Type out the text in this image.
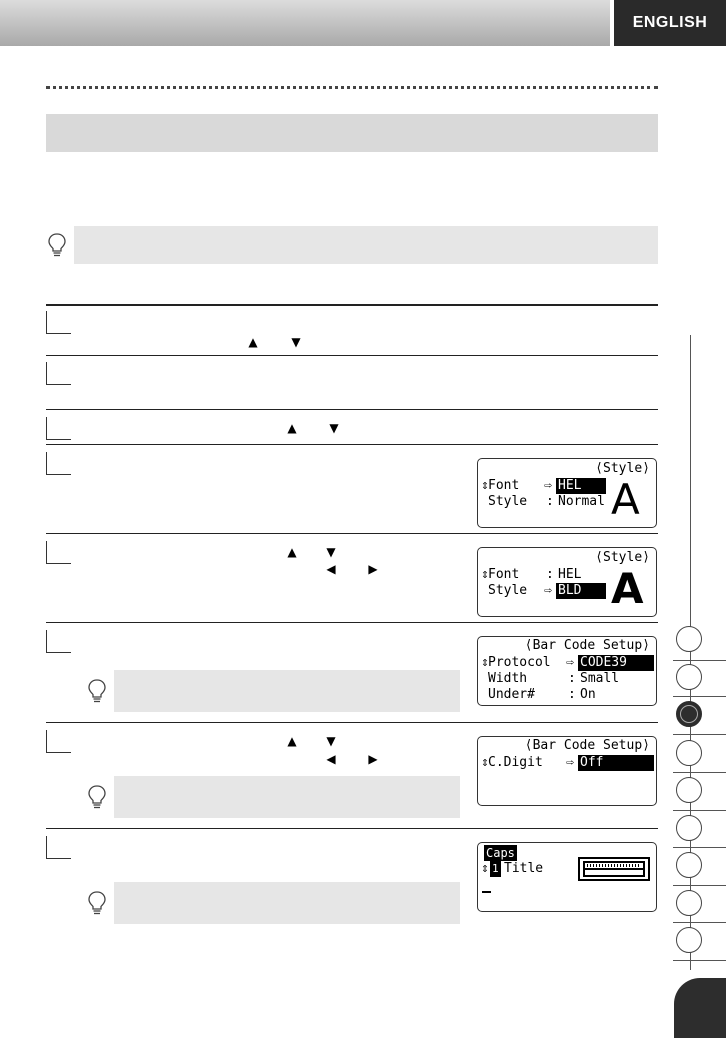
ENGLISH
▲	▼
▲	▼
▲ ▼
◀	▶
▲ ▼
◀	▶
⟨Style⟩
⇕ Font ⇨ HEL
Style : Normal A
⟨Style⟩
⇕ Font : HEL
Style ⇨ BLD A
⟨Bar Code Setup⟩
⇕ Protocol ⇨ CODE39
Width	: Small
Under#	: On
⟨Bar Code Setup⟩
⇕ C.Digit ⇨ Off
Caps
⇕ 1 Title
